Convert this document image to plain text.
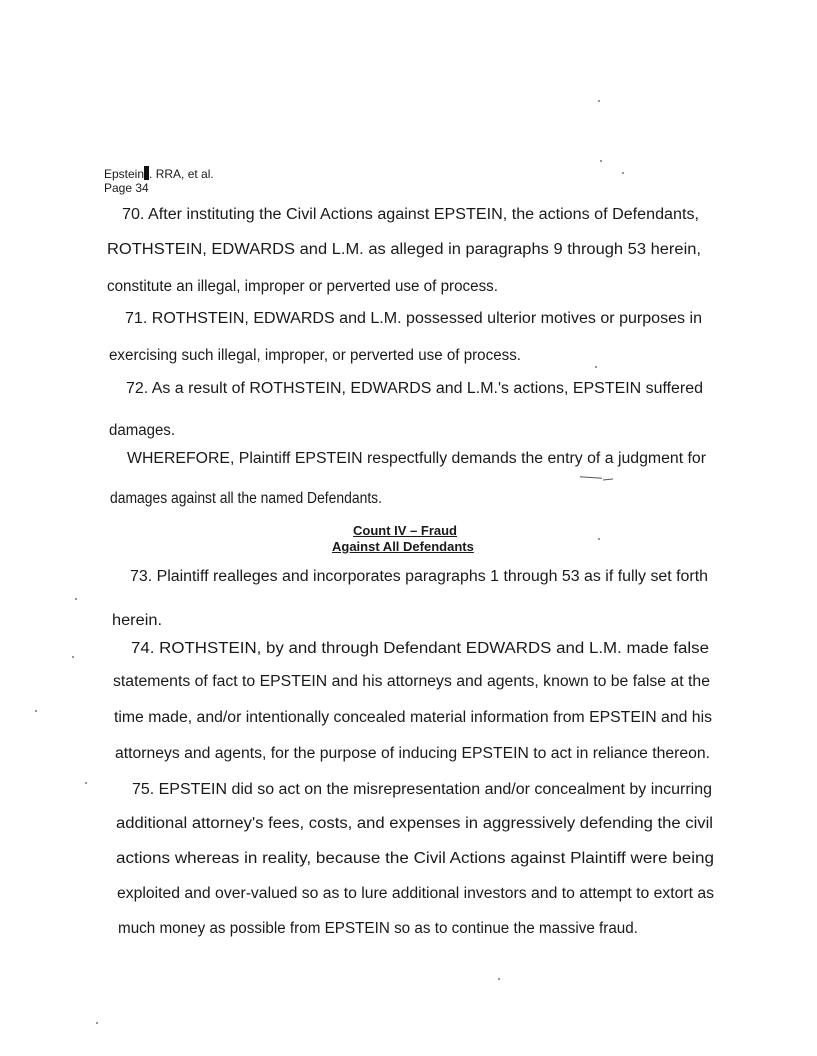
Epstein . RRA, et al.
Page 34
70. After instituting the Civil Actions against EPSTEIN, the actions of Defendants,
ROTHSTEIN, EDWARDS and L.M. as alleged in paragraphs 9 through 53 herein,
constitute an illegal, improper or perverted use of process.
71. ROTHSTEIN, EDWARDS and L.M. possessed ulterior motives or purposes in
exercising such illegal, improper, or perverted use of process.
72. As a result of ROTHSTEIN, EDWARDS and L.M.'s actions, EPSTEIN suffered
damages.
WHEREFORE, Plaintiff EPSTEIN respectfully demands the entry of a judgment for
damages against all the named Defendants.
Count IV – Fraud
Against All Defendants
73. Plaintiff realleges and incorporates paragraphs 1 through 53 as if fully set forth
herein.
74. ROTHSTEIN, by and through Defendant EDWARDS and L.M. made false
statements of fact to EPSTEIN and his attorneys and agents, known to be false at the
time made, and/or intentionally concealed material information from EPSTEIN and his
attorneys and agents, for the purpose of inducing EPSTEIN to act in reliance thereon.
75. EPSTEIN did so act on the misrepresentation and/or concealment by incurring
additional attorney's fees, costs, and expenses in aggressively defending the civil
actions whereas in reality, because the Civil Actions against Plaintiff were being
exploited and over-valued so as to lure additional investors and to attempt to extort as
much money as possible from EPSTEIN so as to continue the massive fraud.
